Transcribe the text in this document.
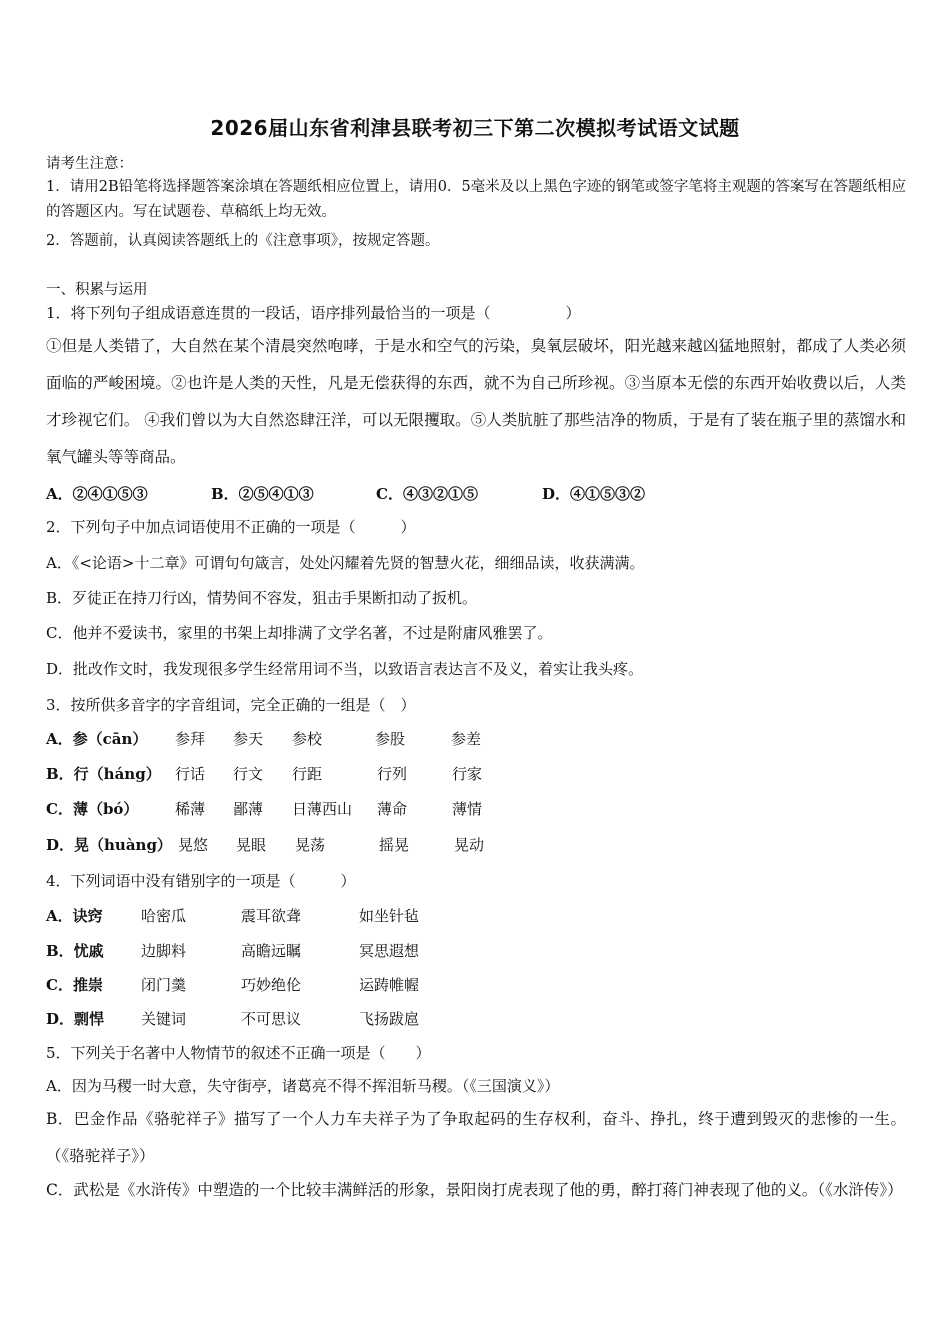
2026届山东省利津县联考初三下第二次模拟考试语文试题
请考生注意：
1．请用2B铅笔将选择题答案涂填在答题纸相应位置上，请用0．5毫米及以上黑色字迹的钢笔或签字笔将主观题的答案写在答题纸相应的答题区内。写在试题卷、草稿纸上均无效。
2．答题前，认真阅读答题纸上的《注意事项》，按规定答题。
一、积累与运用
1．将下列句子组成语意连贯的一段话，语序排列最恰当的一项是（　　　　　）
①但是人类错了，大自然在某个清晨突然咆哮，于是水和空气的污染，臭氧层破坏，阳光越来越凶猛地照射，都成了人类必须面临的严峻困境。②也许是人类的天性，凡是无偿获得的东西，就不为自己所珍视。③当原本无偿的东西开始收费以后，人类才珍视它们。 ④我们曾以为大自然恣肆汪洋，可以无限攫取。⑤人类肮脏了那些洁净的物质，于是有了装在瓶子里的蒸馏水和氧气罐头等等商品。
A．②④①⑤③	B．②⑤④①③	C．④③②①⑤	D．④①⑤③②
2．下列句子中加点词语使用不正确的一项是（　　　）
A．《<论语>十二章》可谓句句箴言，处处闪耀着先贤的智慧火花，细细品读，收获满满。
B．歹徒正在持刀行凶，情势间不容发，狙击手果断扣动了扳机。
C．他并不爱读书，家里的书架上却排满了文学名著，不过是附庸风雅罢了。
D．批改作文时，我发现很多学生经常用词不当，以致语言表达言不及义，着实让我头疼。
3．按所供多音字的字音组词，完全正确的一组是（　）
A．参（cān） 参拜 参天 参校	参股	参差
B．行（háng） 行话 行文 行距	行列	行家
C．薄（bó） 稀薄 鄙薄 日薄西山 薄命	薄情
D．晃（huàng） 晃悠 晃眼 晃荡	摇晃	晃动
4．下列词语中没有错别字的一项是（　　　）
A．诀窍	哈密瓜	震耳欲聋	如坐针毡
B．忧戚 边脚料	高瞻远瞩	冥思遐想
C．推崇	闭门羹	巧妙绝伦	运踌帷幄
D．剽悍 关键词	不可思议	飞扬跋扈
5．下列关于名著中人物情节的叙述不正确一项是（　　）
A．因为马稷一时大意，失守街亭，诸葛亮不得不挥泪斩马稷。（《三国演义》）
B．巴金作品《骆驼祥子》描写了一个人力车夫祥子为了争取起码的生存权利，奋斗、挣扎，终于遭到毁灭的悲惨的一生。（《骆驼祥子》）
C．武松是《水浒传》中塑造的一个比较丰满鲜活的形象，景阳岗打虎表现了他的勇，醉打蒋门神表现了他的义。（《水浒传》）
